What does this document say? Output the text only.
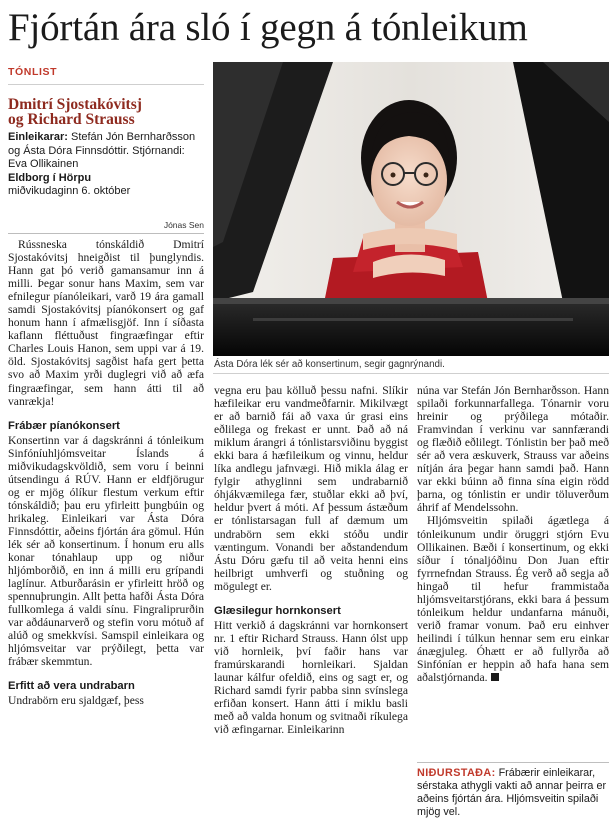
Fjórtán ára sló í gegn á tónleikum
TÓNLIST
Dmitrí Sjostakóvitsj
og Richard Strauss
Einleikarar: Stefán Jón Bernharðsson og Ásta Dóra Finnsdóttir. Stjórnandi: Eva Ollikainen
Eldborg í Hörpu
miðvikudaginn 6. október
Jónas Sen
Ásta Dóra lék sér að konsertinum, segir gagnrýnandi.

Rússneska tónskáldið Dmitrí Sjostakóvitsj hneigðist til þunglyndis. Hann gat þó verið gamansamur inn á milli. Þegar sonur hans Maxim, sem var efnilegur píanóleikari, varð 19 ára gamall samdi Sjostakóvitsj píanókonsert og gaf honum hann í afmælisgjöf. Inn í síðasta kaflann fléttuðust fingraæfingar eftir Charles Louis Hanon, sem uppi var á 19. öld. Sjostakóvitsj sagðist hafa gert þetta svo að Maxim yrði duglegri við að æfa fingraæfingar, sem hann átti til að vanrækja!

Frábær píanókonsert

Konsertinn var á dagskránni á tónleikum Sinfóníuhljómsveitar Íslands á miðvikudagskvöldið, sem voru í beinni útsendingu á RÚV. Hann er eldfjörugur og er mjög ólíkur flestum verkum eftir tónskáldið; þau eru yfirleitt þungbúin og hrikaleg. Einleikari var Ásta Dóra Finnsdóttir, aðeins fjórtán ára gömul. Hún lék sér að konsertinum. Í honum eru alls konar tónahlaup upp og niður hljómborðið, en inn á milli eru grípandi laglínur. Atburðarásin er yfirleitt hröð og spennuþrungin. Allt þetta hafði Ásta Dóra fullkomlega á valdi sínu. Fingraliprurðin var aðdáunarverð og stefin voru mótuð af alúð og smekkvísi. Samspil einleikara og hljómsveitar var prýðilegt, þetta var frábær skemmtun.

Erfitt að vera undrabarn

Undrabörn eru sjaldgæf, þess

vegna eru þau kölluð þessu nafni. Slíkir hæfileikar eru vandmeðfarnir. Mikilvægt er að barnið fái að vaxa úr grasi eins eðlilega og frekast er unnt. Það að ná miklum árangri á tónlistarsviðinu byggist ekki bara á hæfileikum og vinnu, heldur líka andlegu jafnvægi. Hið mikla álag er fylgir athyglinni sem undrabarnið óhjákvæmilega fær, stuðlar ekki að því, heldur þvert á móti. Af þessum ástæðum er tónlistarsagan full af dæmum um undrabörn sem ekki stóðu undir væntingum. Vonandi ber aðstandendum Ástu Dóru gæfu til að veita henni eins heilbrigt umhverfi og stuðning og mögulegt er.

Glæsilegur hornkonsert

Hitt verkið á dagskránni var hornkonsert nr. 1 eftir Richard Strauss. Hann ólst upp við hornleik, því faðir hans var framúrskarandi hornleikari. Sjaldan launar kálfur ofeldið, eins og sagt er, og Richard samdi fyrir pabba sinn svínslega erfiðan konsert. Hann átti í miklu basli með að valda honum og svitnaði ríkulega við æfingarnar. Einleikarinn

núna var Stefán Jón Bernharðsson. Hann spilaði forkunnarfallega. Tónarnir voru hreinir og prýðilega mótaðir. Framvindan í verkinu var sannfærandi og flæðið eðlilegt. Tónlistin ber það með sér að vera æskuverk, Strauss var aðeins nítján ára þegar hann samdi það. Hann var ekki búinn að finna sína eigin rödd þarna, og tónlistin er undir töluverðum áhrif af Mendelssohn.

Hljómsveitin spilaði ágætlega á tónleikunum undir öruggri stjórn Evu Ollikainen. Bæði í konsertinum, og ekki síður í tónaljóðinu Don Juan eftir fyrrnefndan Strauss. Ég verð að segja að hingað til hefur frammistaða hljómsveitarstjórans, ekki bara á þessum tónleikum heldur undanfarna mánuði, verið framar vonum. Það eru einhver heilindi í túlkun hennar sem eru einkar ánægjuleg. Óhætt er að fullyrða að Sinfónían er heppin að hafa hana sem aðalstjórnanda.

NIÐURSTAÐA: Frábærir einleikarar, sérstaka athygli vakti að annar þeirra er aðeins fjórtán ára. Hljómsveitin spilaði mjög vel.
